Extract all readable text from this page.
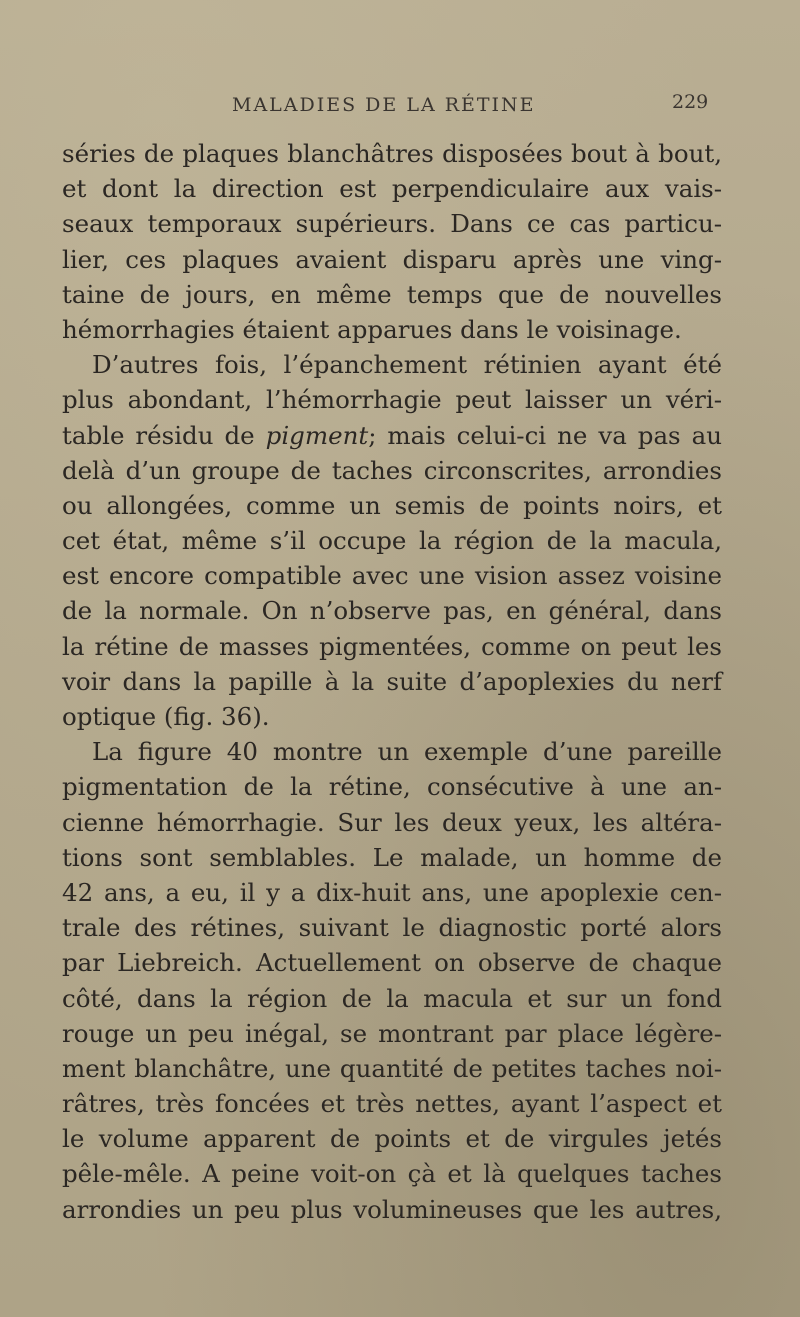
MALADIES DE LA RÉTINE	229
séries de plaques blanchâtres disposées bout à bout,
et dont la direction est perpendiculaire aux vais-
seaux temporaux supérieurs. Dans ce cas particu-
lier, ces plaques avaient disparu après une ving-
taine de jours, en même temps que de nouvelles
hémorrhagies étaient apparues dans le voisinage.
D’autres fois, l’épanchement rétinien ayant été
plus abondant, l’hémorrhagie peut laisser un véri-
table résidu de pigment; mais celui-ci ne va pas au
delà d’un groupe de taches circonscrites, arrondies
ou allongées, comme un semis de points noirs, et
cet état, même s’il occupe la région de la macula,
est encore compatible avec une vision assez voisine
de la normale. On n’observe pas, en général, dans
la rétine de masses pigmentées, comme on peut les
voir dans la papille à la suite d’apoplexies du nerf
optique (fig. 36).
La figure 40 montre un exemple d’une pareille
pigmentation de la rétine, consécutive à une an-
cienne hémorrhagie. Sur les deux yeux, les altéra-
tions sont semblables. Le malade, un homme de
42 ans, a eu, il y a dix-huit ans, une apoplexie cen-
trale des rétines, suivant le diagnostic porté alors
par Liebreich. Actuellement on observe de chaque
côté, dans la région de la macula et sur un fond
rouge un peu inégal, se montrant par place légère-
ment blanchâtre, une quantité de petites taches noi-
râtres, très foncées et très nettes, ayant l’aspect et
le volume apparent de points et de virgules jetés
pêle-mêle. A peine voit-on çà et là quelques taches
arrondies un peu plus volumineuses que les autres,
